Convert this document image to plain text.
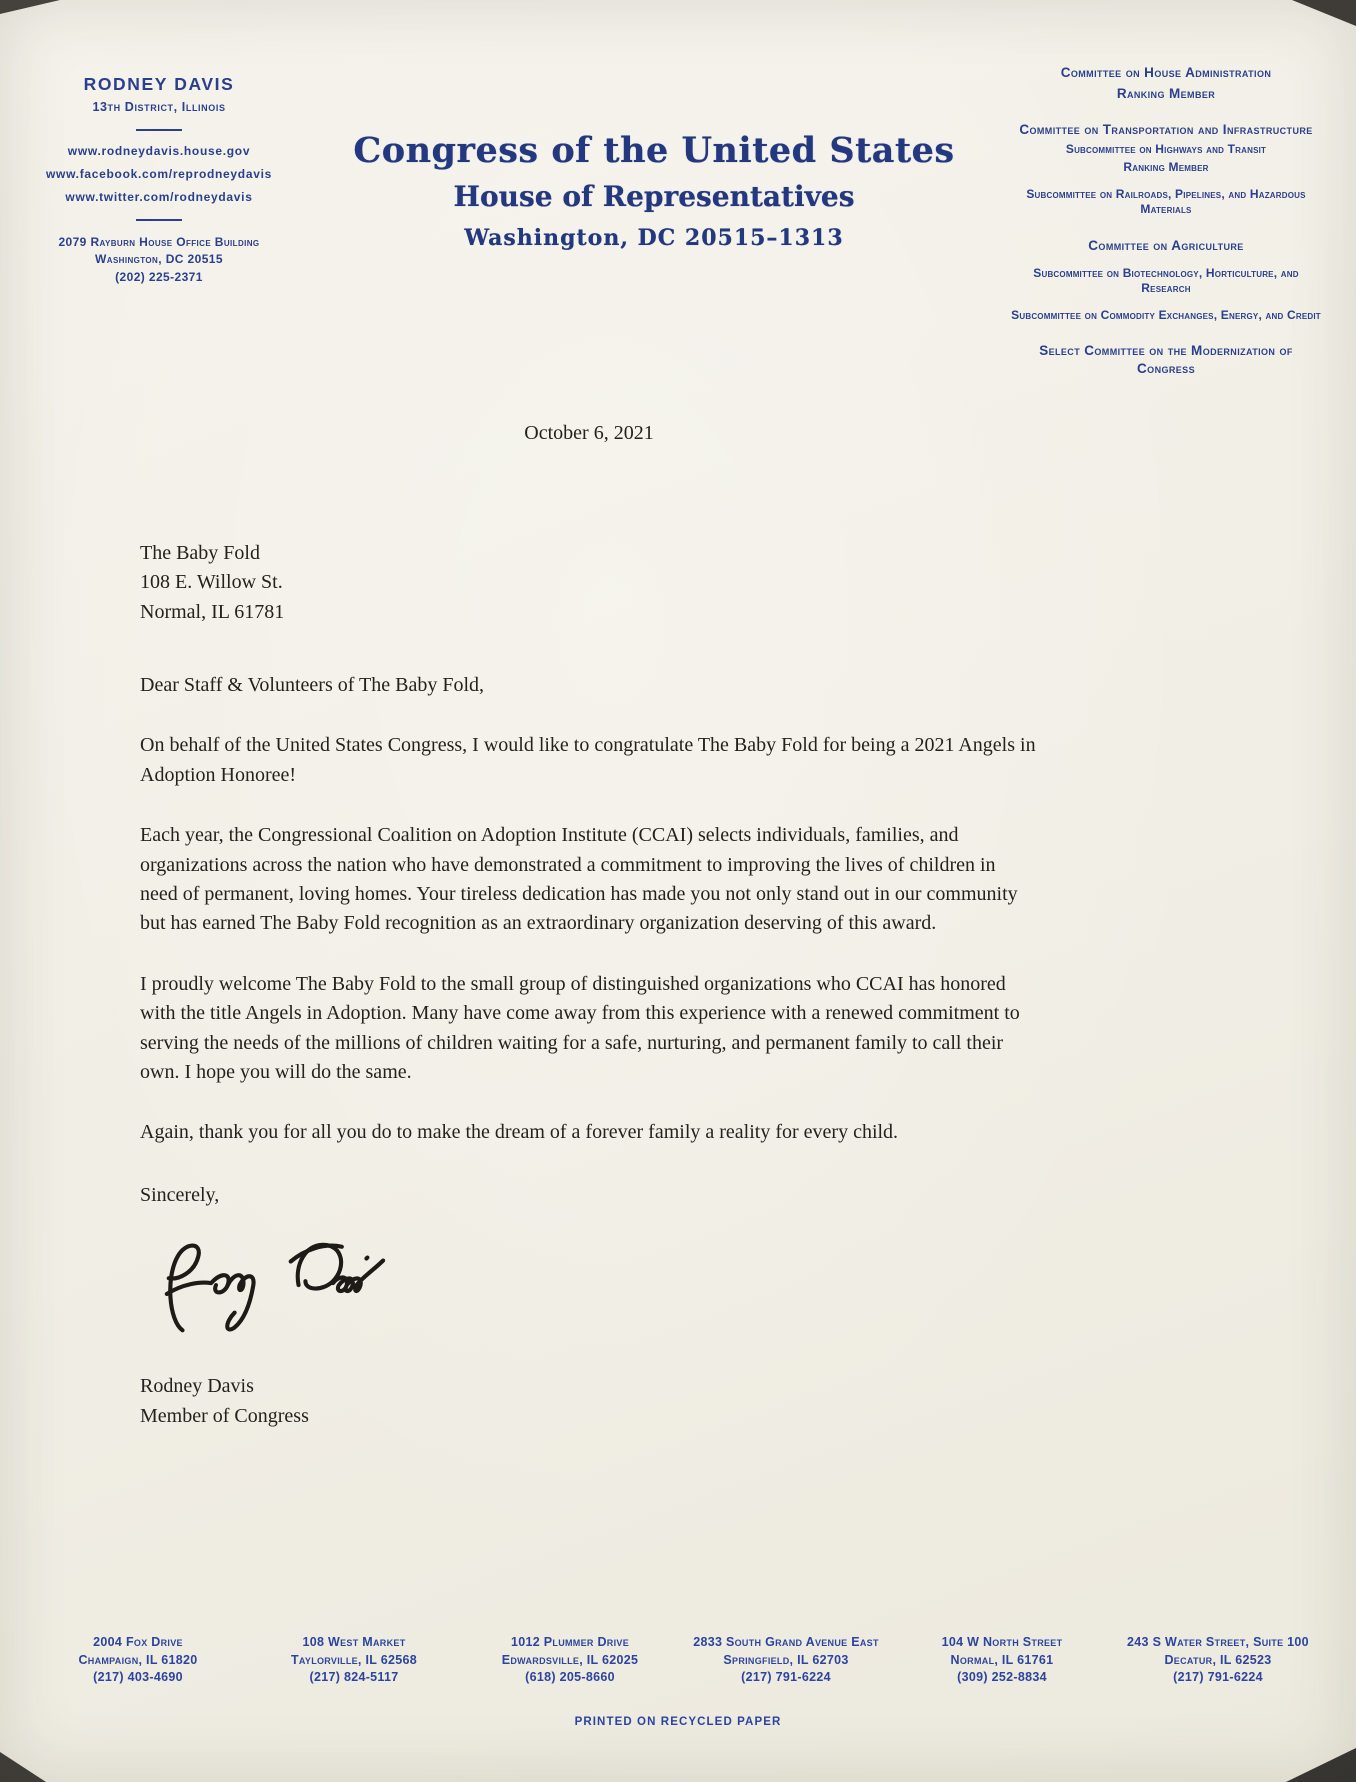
RODNEY DAVIS
13th District, Illinois
www.rodneydavis.house.gov
www.facebook.com/reprodneydavis
www.twitter.com/rodneydavis
2079 Rayburn House Office Building
Washington, DC 20515
(202) 225-2371
Congress of the United States
House of Representatives
Washington, DC 20515–1313
Committee on House Administration
Ranking Member
Committee on Transportation and Infrastructure
Subcommittee on Highways and Transit
Ranking Member
Subcommittee on Railroads, Pipelines, and Hazardous Materials
Committee on Agriculture
Subcommittee on Biotechnology, Horticulture, and Research
Subcommittee on Commodity Exchanges, Energy, and Credit
Select Committee on the Modernization of Congress
October 6, 2021
The Baby Fold
108 E. Willow St.
Normal, IL 61781
Dear Staff & Volunteers of The Baby Fold,
On behalf of the United States Congress, I would like to congratulate The Baby Fold for being a 2021 Angels in Adoption Honoree!
Each year, the Congressional Coalition on Adoption Institute (CCAI) selects individuals, families, and organizations across the nation who have demonstrated a commitment to improving the lives of children in need of permanent, loving homes. Your tireless dedication has made you not only stand out in our community but has earned The Baby Fold recognition as an extraordinary organization deserving of this award.
I proudly welcome The Baby Fold to the small group of distinguished organizations who CCAI has honored with the title Angels in Adoption. Many have come away from this experience with a renewed commitment to serving the needs of the millions of children waiting for a safe, nurturing, and permanent family to call their own. I hope you will do the same.
Again, thank you for all you do to make the dream of a forever family a reality for every child.
Sincerely,
Rodney Davis
Member of Congress
2004 Fox Drive
Champaign, IL 61820
(217) 403-4690
108 West Market
Taylorville, IL 62568
(217) 824-5117
1012 Plummer Drive
Edwardsville, IL 62025
(618) 205-8660
2833 South Grand Avenue East
Springfield, IL 62703
(217) 791-6224
104 W North Street
Normal, IL 61761
(309) 252-8834
243 S Water Street, Suite 100
Decatur, IL 62523
(217) 791-6224
PRINTED ON RECYCLED PAPER
